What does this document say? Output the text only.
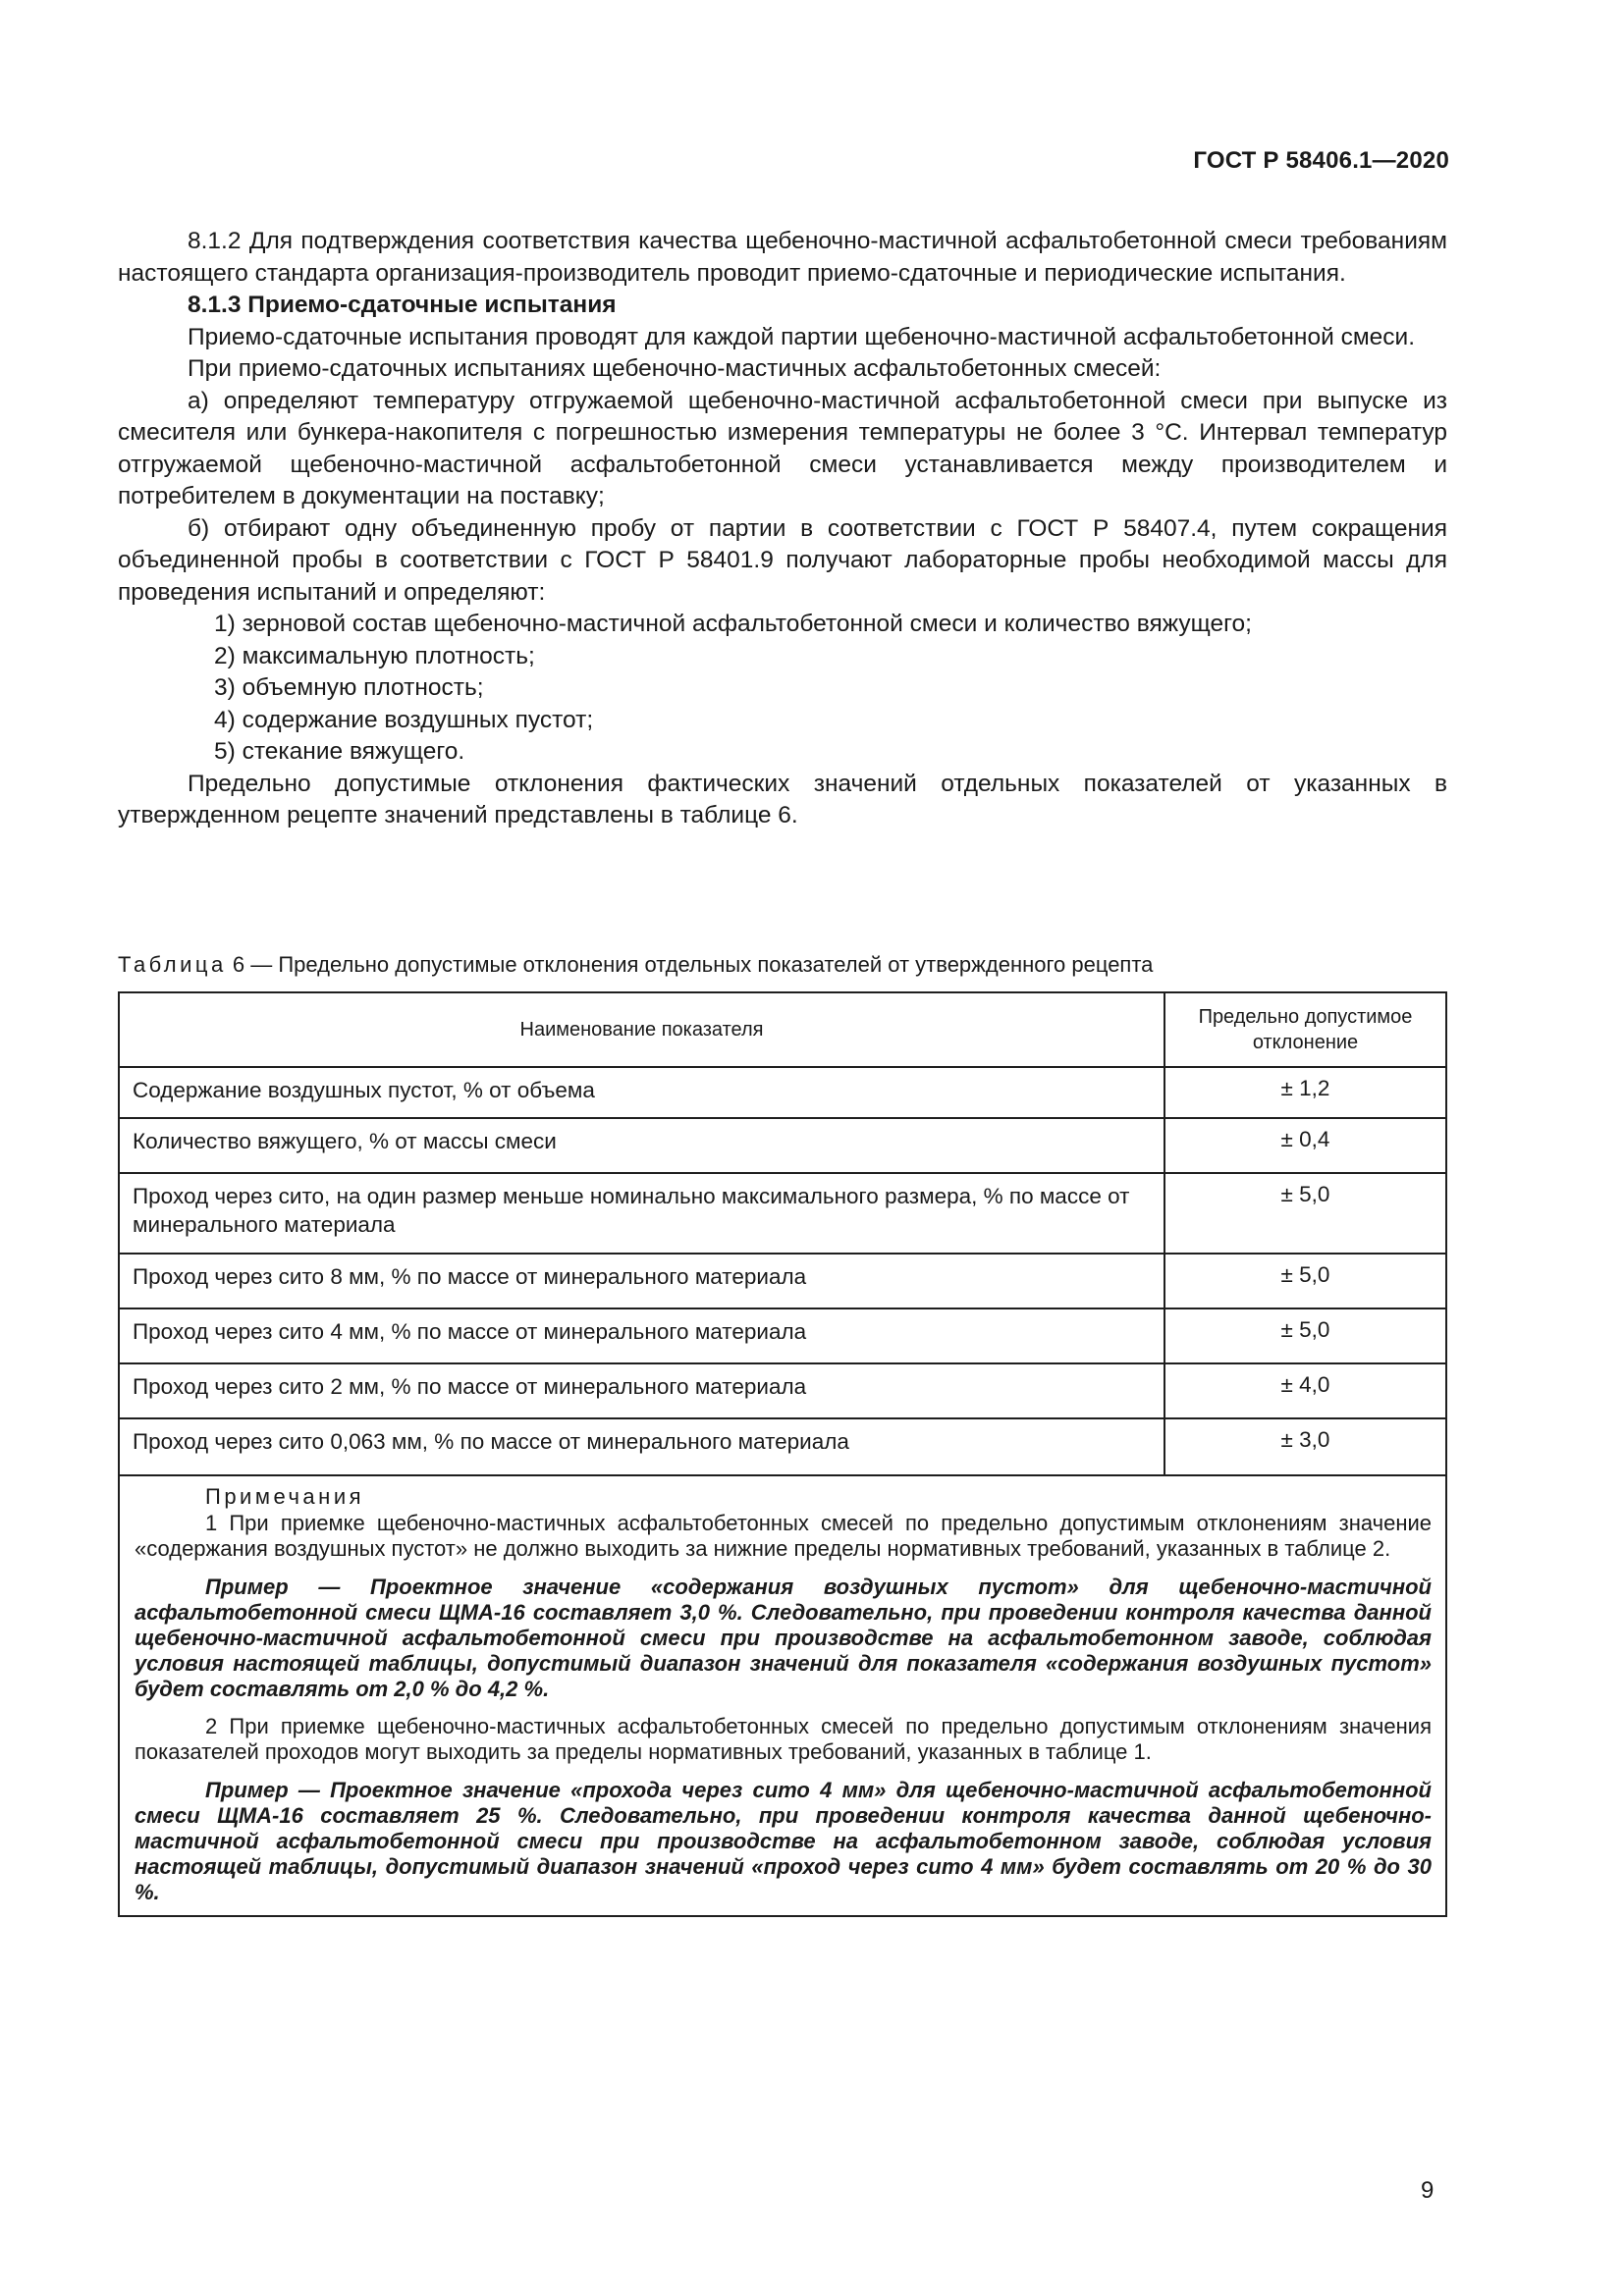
ГОСТ Р 58406.1—2020

8.1.2 Для подтверждения соответствия качества щебеночно-мастичной асфальтобетонной смеси требованиям настоящего стандарта организация-производитель проводит приемо-сдаточные и периодические испытания.

8.1.3 Приемо-сдаточные испытания

Приемо-сдаточные испытания проводят для каждой партии щебеночно-мастичной асфальтобетонной смеси.

При приемо-сдаточных испытаниях щебеночно-мастичных асфальтобетонных смесей:

а) определяют температуру отгружаемой щебеночно-мастичной асфальтобетонной смеси при выпуске из смесителя или бункера-накопителя с погрешностью измерения температуры не более 3 °С. Интервал температур отгружаемой щебеночно-мастичной асфальтобетонной смеси устанавливается между производителем и потребителем в документации на поставку;

б) отбирают одну объединенную пробу от партии в соответствии с ГОСТ Р 58407.4, путем сокращения объединенной пробы в соответствии с ГОСТ Р 58401.9 получают лабораторные пробы необходимой массы для проведения испытаний и определяют:

1) зерновой состав щебеночно-мастичной асфальтобетонной смеси и количество вяжущего;

2) максимальную плотность;

3) объемную плотность;

4) содержание воздушных пустот;

5) стекание вяжущего.

Предельно допустимые отклонения фактических значений отдельных показателей от указанных в утвержденном рецепте значений представлены в таблице 6.

Таблица 6 — Предельно допустимые отклонения отдельных показателей от утвержденного рецепта
Наименование показателя	Предельно допустимое
отклонение
Содержание воздушных пустот, % от объема	± 1,2
Количество вяжущего, % от массы смеси	± 0,4
Проход через сито, на один размер меньше номинально максимального размера, % по массе от минерального материала	± 5,0
Проход через сито 8 мм, % по массе от минерального материала	± 5,0
Проход через сито 4 мм, % по массе от минерального материала	± 5,0
Проход через сито 2 мм, % по массе от минерального материала	± 4,0
Проход через сито 0,063 мм, % по массе от минерального материала	± 3,0

Примечания

1 При приемке щебеночно-мастичных асфальтобетонных смесей по предельно допустимым отклонениям значение «содержания воздушных пустот» не должно выходить за нижние пределы нормативных требований, указанных в таблице 2.

Пример — Проектное значение «содержания воздушных пустот» для щебеночно-мастичной асфальтобетонной смеси ЩМА-16 составляет 3,0 %. Следовательно, при проведении контроля качества данной щебеночно-мастичной асфальтобетонной смеси при производстве на асфальтобетонном заводе, соблюдая условия настоящей таблицы, допустимый диапазон значений для показателя «содержания воздушных пустот» будет составлять от 2,0 % до 4,2 %.

2 При приемке щебеночно-мастичных асфальтобетонных смесей по предельно допустимым отклонениям значения показателей проходов могут выходить за пределы нормативных требований, указанных в таблице 1.

Пример — Проектное значение «прохода через сито 4 мм» для щебеночно-мастичной асфальтобетонной смеси ЩМА-16 составляет 25 %. Следовательно, при проведении контроля качества данной щебеночно-мастичной асфальтобетонной смеси при производстве на асфальтобетонном заводе, соблюдая условия настоящей таблицы, допустимый диапазон значений «проход через сито 4 мм» будет составлять от 20 % до 30 %.	

9
